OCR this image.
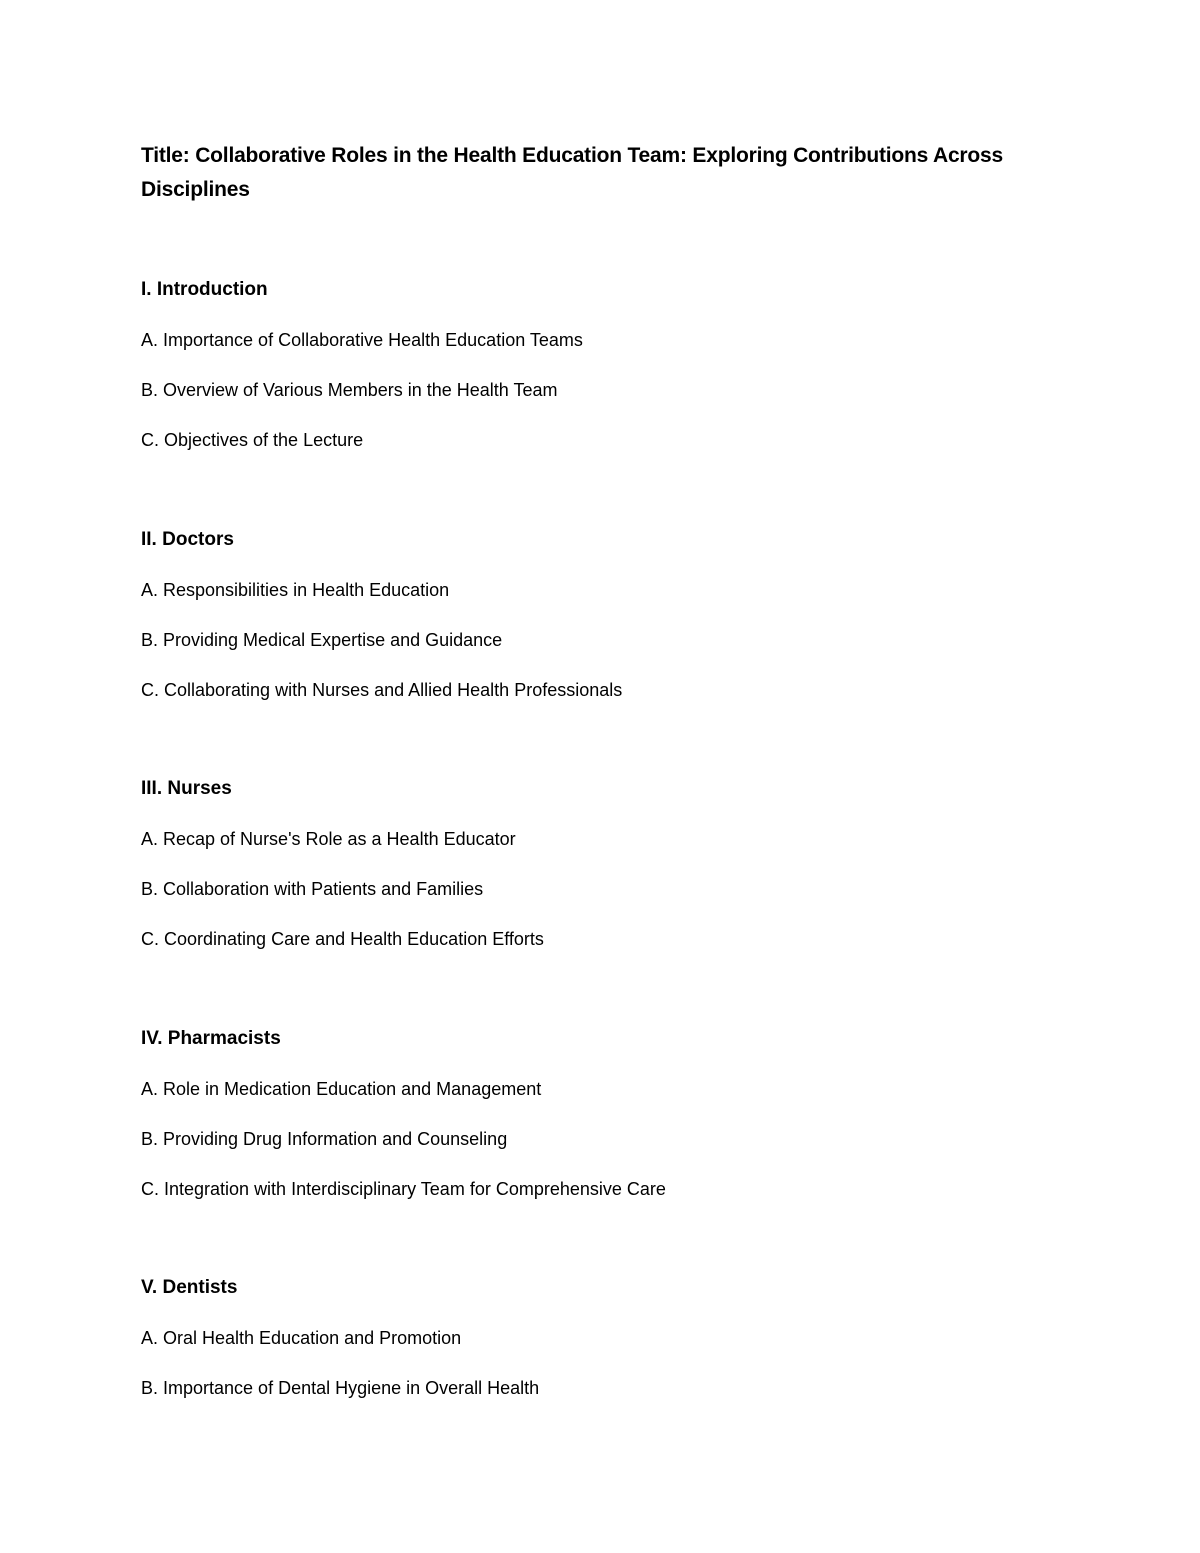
Title: Collaborative Roles in the Health Education Team: Exploring Contributions Across Disciplines
I. Introduction

A. Importance of Collaborative Health Education Teams

B. Overview of Various Members in the Health Team

C. Objectives of the Lecture

II. Doctors

A. Responsibilities in Health Education

B. Providing Medical Expertise and Guidance

C. Collaborating with Nurses and Allied Health Professionals

III. Nurses

A. Recap of Nurse's Role as a Health Educator

B. Collaboration with Patients and Families

C. Coordinating Care and Health Education Efforts

IV. Pharmacists

A. Role in Medication Education and Management

B. Providing Drug Information and Counseling

C. Integration with Interdisciplinary Team for Comprehensive Care

V. Dentists

A. Oral Health Education and Promotion

B. Importance of Dental Hygiene in Overall Health
